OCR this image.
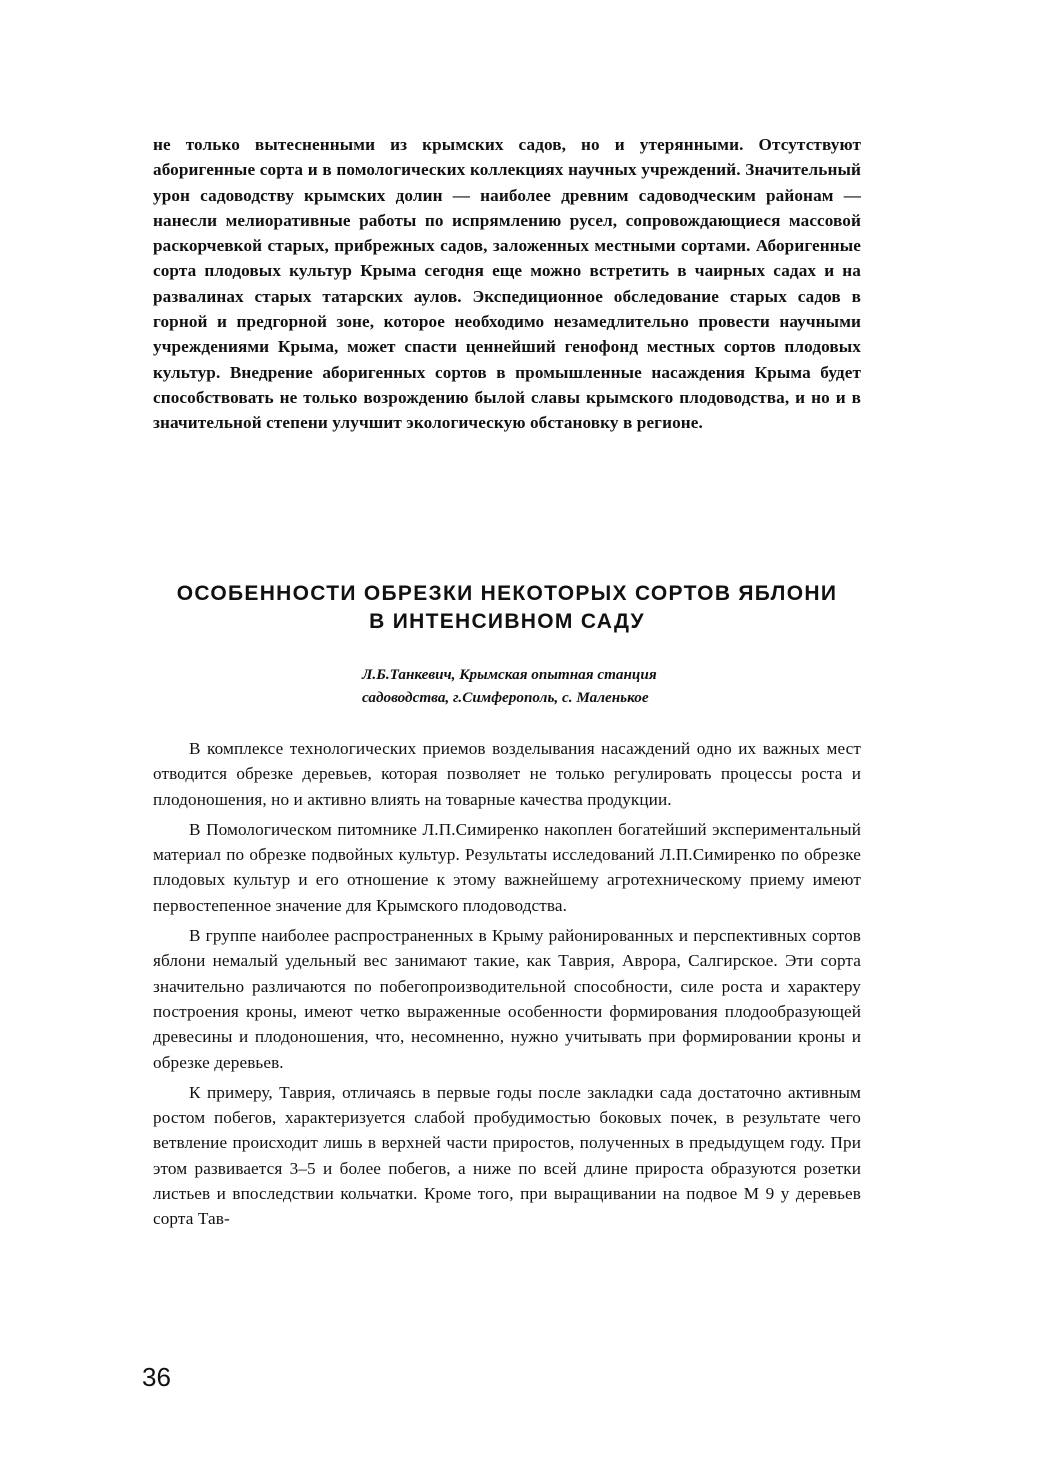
не только вытесненными из крымских садов, но и утерянными. Отсутствуют аборигенные сорта и в помологических коллекциях научных учреждений. Значительный урон садоводству крымских долин — наиболее древним садоводческим районам — нанесли мелиоративные работы по иcпpямлению русел, сопровождающиеся массовой раскорчевкой старых, прибрежных садов, заложенных местными сортами. Аборигенные сорта плодовых культур Крыма сегодня еще можно встретить в чаирных садах и на развалинах старых татарских аулов. Экспедиционное обследование старых садов в горной и предгорной зоне, которое необходимо незамедлительно провести научными учреждениями Крыма, может спасти ценнейший генофонд местных сортов плодовых культур. Внедрение аборигенных сортов в промышленные насаждения Крыма будет способствовать не только возрождению былой славы крымского плодоводства, и но и в значительной степени улучшит экологическую обстановку в регионе.

ОСОБЕННОСТИ ОБРЕЗКИ НЕКОТОРЫХ СОРТОВ ЯБЛОНИ
В ИНТЕНСИВНОМ САДУ
Л.Б.Танкевич, Крымская опытная станция
садоводства, г.Симферополь, с. Маленькое

В комплексе технологических приемов возделывания насаждений одно их важных мест отводится обрезке деревьев, которая позволяет не только регулировать процессы роста и плодоношения, но и активно влиять на товарные качества продукции.

В Помологическом питомнике Л.П.Симиренко накоплен богатейший экспериментальный материал по обрезке подвойных культур. Результаты исследований Л.П.Симиренко по обрезке плодовых культур и его отношение к этому важнейшему агротехническому приему имеют первостепенное значение для Крымского плодоводства.

В группе наиболее распространенных в Крыму районированных и перспективных сортов яблони немалый удельный вес занимают такие, как Таврия, Аврора, Салгирское. Эти сорта значительно различаются по побегопроизводительной способности, силе роста и характеру построения кроны, имеют четко выраженные особенности формирования плодообразующей древесины и плодоношения, что, несомненно, нужно учитывать при формировании кроны и обрезке деревьев.

К примеру, Таврия, отличаясь в первые годы после закладки сада достаточно активным ростом побегов, характеризуется слабой пробудимостью боковых почек, в результате чего ветвление происходит лишь в верхней части приростов, полученных в предыдущем году. При этом развивается 3–5 и более побегов, а ниже по всей длине прироста образуются розетки листьев и впоследствии кольчатки. Кроме того, при выращивании на подвое М 9 у деревьев сорта Тав-

36
